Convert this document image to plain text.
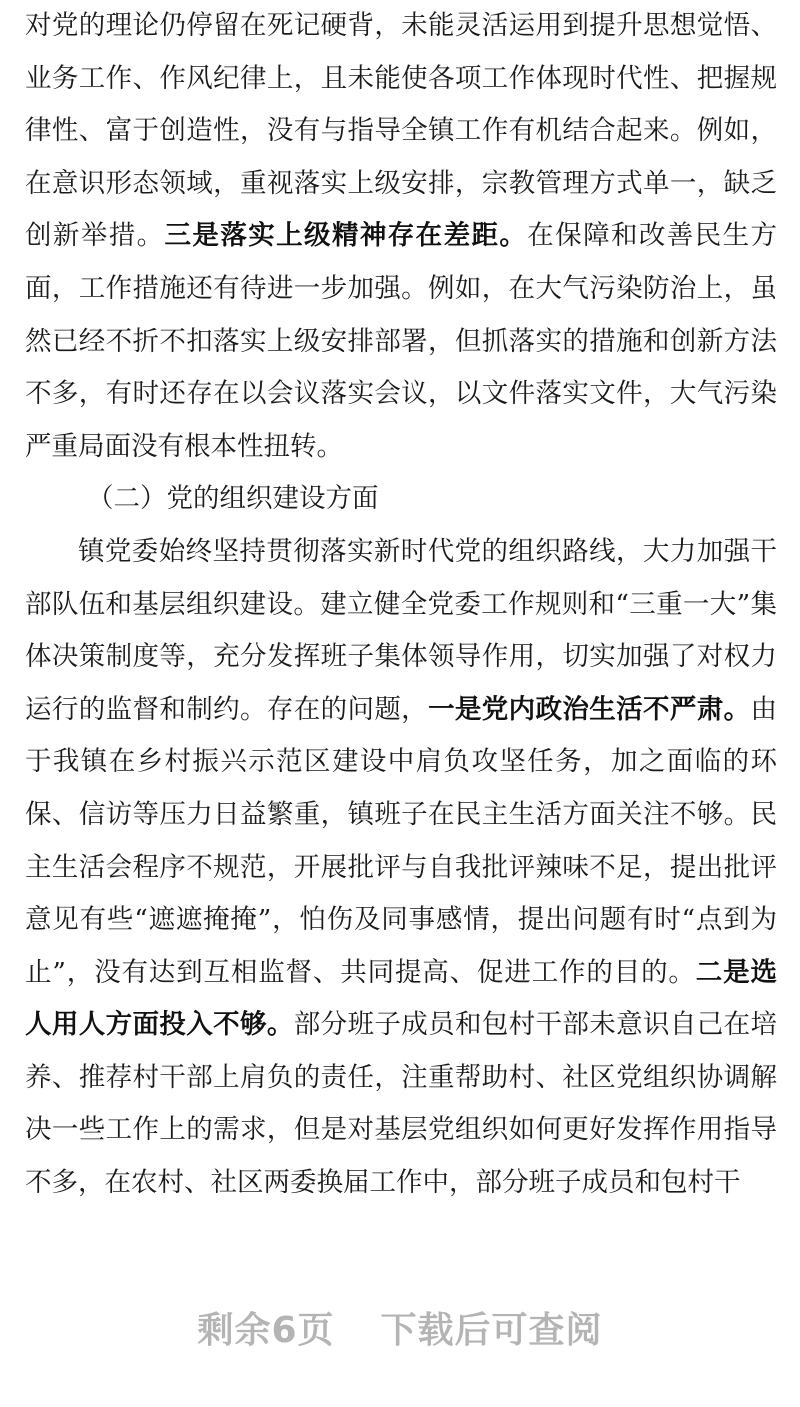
对党的理论仍停留在死记硬背，未能灵活运用到提升思想觉悟、业务工作、作风纪律上，且未能使各项工作体现时代性、把握规律性、富于创造性，没有与指导全镇工作有机结合起来。例如，在意识形态领域，重视落实上级安排，宗教管理方式单一，缺乏创新举措。三是落实上级精神存在差距。在保障和改善民生方面，工作措施还有待进一步加强。例如，在大气污染防治上，虽然已经不折不扣落实上级安排部署，但抓落实的措施和创新方法不多，有时还存在以会议落实会议，以文件落实文件，大气污染严重局面没有根本性扭转。

（二）党的组织建设方面

镇党委始终坚持贯彻落实新时代党的组织路线，大力加强干部队伍和基层组织建设。建立健全党委工作规则和“三重一大”集体决策制度等，充分发挥班子集体领导作用，切实加强了对权力运行的监督和制约。存在的问题，一是党内政治生活不严肃。由于我镇在乡村振兴示范区建设中肩负攻坚任务，加之面临的环保、信访等压力日益繁重，镇班子在民主生活方面关注不够。民主生活会程序不规范，开展批评与自我批评辣味不足，提出批评意见有些“遮遮掩掩”，怕伤及同事感情，提出问题有时“点到为止”，没有达到互相监督、共同提高、促进工作的目的。二是选人用人方面投入不够。部分班子成员和包村干部未意识自己在培养、推荐村干部上肩负的责任，注重帮助村、社区党组织协调解决一些工作上的需求，但是对基层党组织如何更好发挥作用指导不多，在农村、社区两委换届工作中，部分班子成员和包村干

剩余6页 下载后可查阅
